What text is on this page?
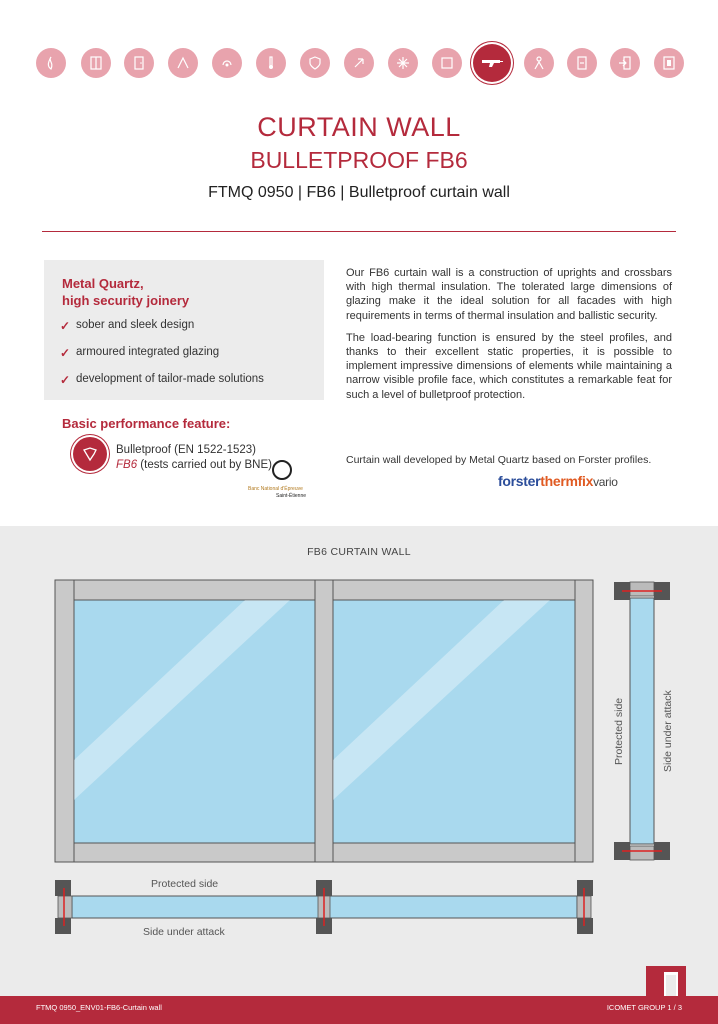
CURTAIN WALL
BULLETPROOF FB6
FTMQ 0950 | FB6 | Bulletproof curtain wall
Metal Quartz,
high security joinery
✓ sober and sleek design
✓ armoured integrated glazing
✓ development of tailor-made solutions
Basic performance feature:
Bulletproof (EN 1522-1523)
FB6 (tests carried out by BNE)
Banc National d'Épreuve
Saint-Étienne

Our FB6 curtain wall is a construction of uprights and crossbars with high thermal insulation. The tolerated large dimensions of glazing make it the ideal solution for all facades with high requirements in terms of thermal insulation and ballistic security.

The load-bearing function is ensured by the steel profiles, and thanks to their excellent static properties, it is possible to implement impressive dimensions of elements while maintaining a narrow visible profile face, which constitutes a remarkable feat for such a level of bulletproof protection.

Curtain wall developed by Metal Quartz based on Forster profiles.
forsterthermfixvario
FB6 CURTAIN WALL
Protected side	Side under attack
Protected side
Side under attack
FTMQ 0950_ENV01-FB6-Curtain wall	ICOMET GROUP 1 / 3
